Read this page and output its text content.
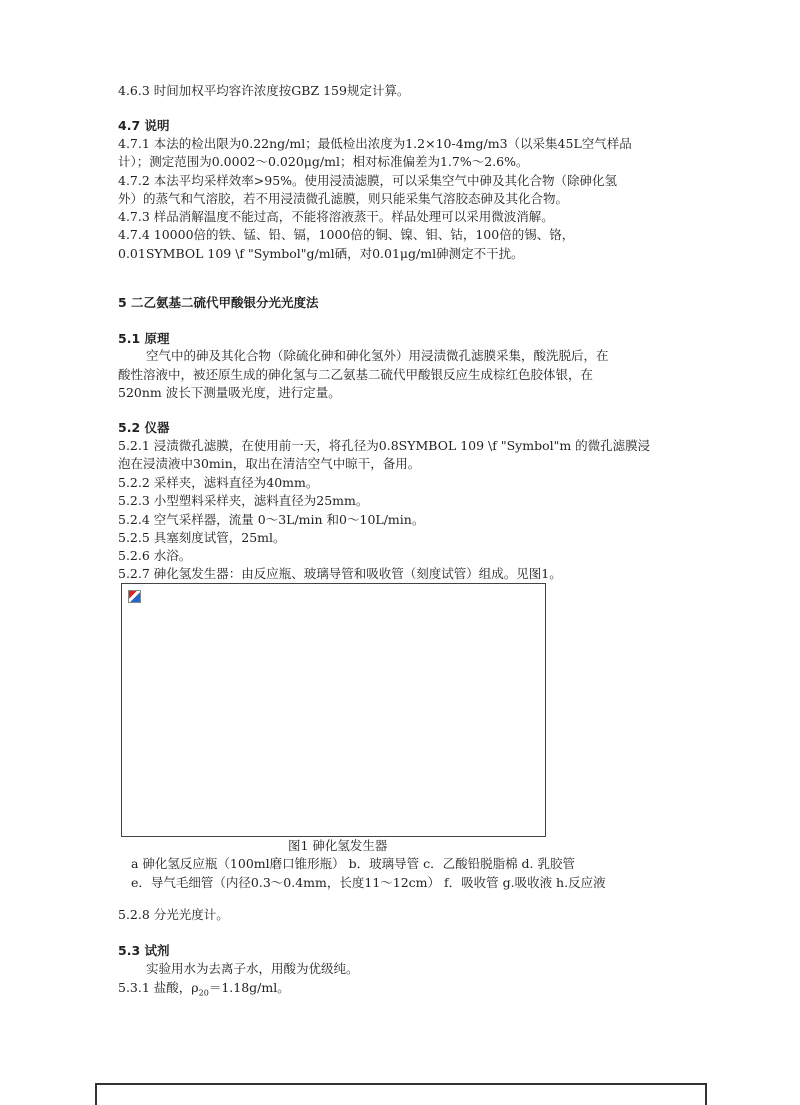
4.6.3 时间加权平均容许浓度按GBZ 159规定计算。
4.7 说明
4.7.1 本法的检出限为0.22ng/ml；最低检出浓度为1.2×10-4mg/m3（以采集45L空气样品
计）；测定范围为0.0002～0.020μg/ml；相对标准偏差为1.7%～2.6%。
4.7.2 本法平均采样效率>95%。使用浸渍滤膜，可以采集空气中砷及其化合物（除砷化氢
外）的蒸气和气溶胶，若不用浸渍微孔滤膜，则只能采集气溶胶态砷及其化合物。
4.7.3 样品消解温度不能过高，不能将溶液蒸干。样品处理可以采用微波消解。
4.7.4 10000倍的铁、锰、铅、镉，1000倍的铜、镍、钼、钴，100倍的锡、铬，
0.01SYMBOL 109 \f "Symbol"g/ml硒，对0.01μg/ml砷测定不干扰。
5 二乙氨基二硫代甲酸银分光光度法
5.1 原理
空气中的砷及其化合物（除硫化砷和砷化氢外）用浸渍微孔滤膜采集，酸洗脱后，在
酸性溶液中，被还原生成的砷化氢与二乙氨基二硫代甲酸银反应生成棕红色胶体银，在
520nm 波长下测量吸光度，进行定量。
5.2 仪器
5.2.1 浸渍微孔滤膜，在使用前一天，将孔径为0.8SYMBOL 109 \f "Symbol"m 的微孔滤膜浸
泡在浸渍液中30min，取出在清洁空气中晾干，备用。
5.2.2 采样夹，滤料直径为40mm。
5.2.3 小型塑料采样夹，滤料直径为25mm。
5.2.4 空气采样器，流量 0～3L/min 和0～10L/min。
5.2.5 具塞刻度试管，25ml。
5.2.6 水浴。
5.2.7 砷化氢发生器：由反应瓶、玻璃导管和吸收管（刻度试管）组成。见图1。
图1 砷化氢发生器
a 砷化氢反应瓶（100ml磨口锥形瓶） b．玻璃导管 c．乙酸铅脱脂棉 d. 乳胶管
e．导气毛细管（内径0.3～0.4mm，长度11～12cm） f．吸收管 g.吸收液 h.反应液
5.2.8 分光光度计。
5.3 试剂
实验用水为去离子水，用酸为优级纯。
5.3.1 盐酸，$\rho_{20}=1.18g/ml$。
